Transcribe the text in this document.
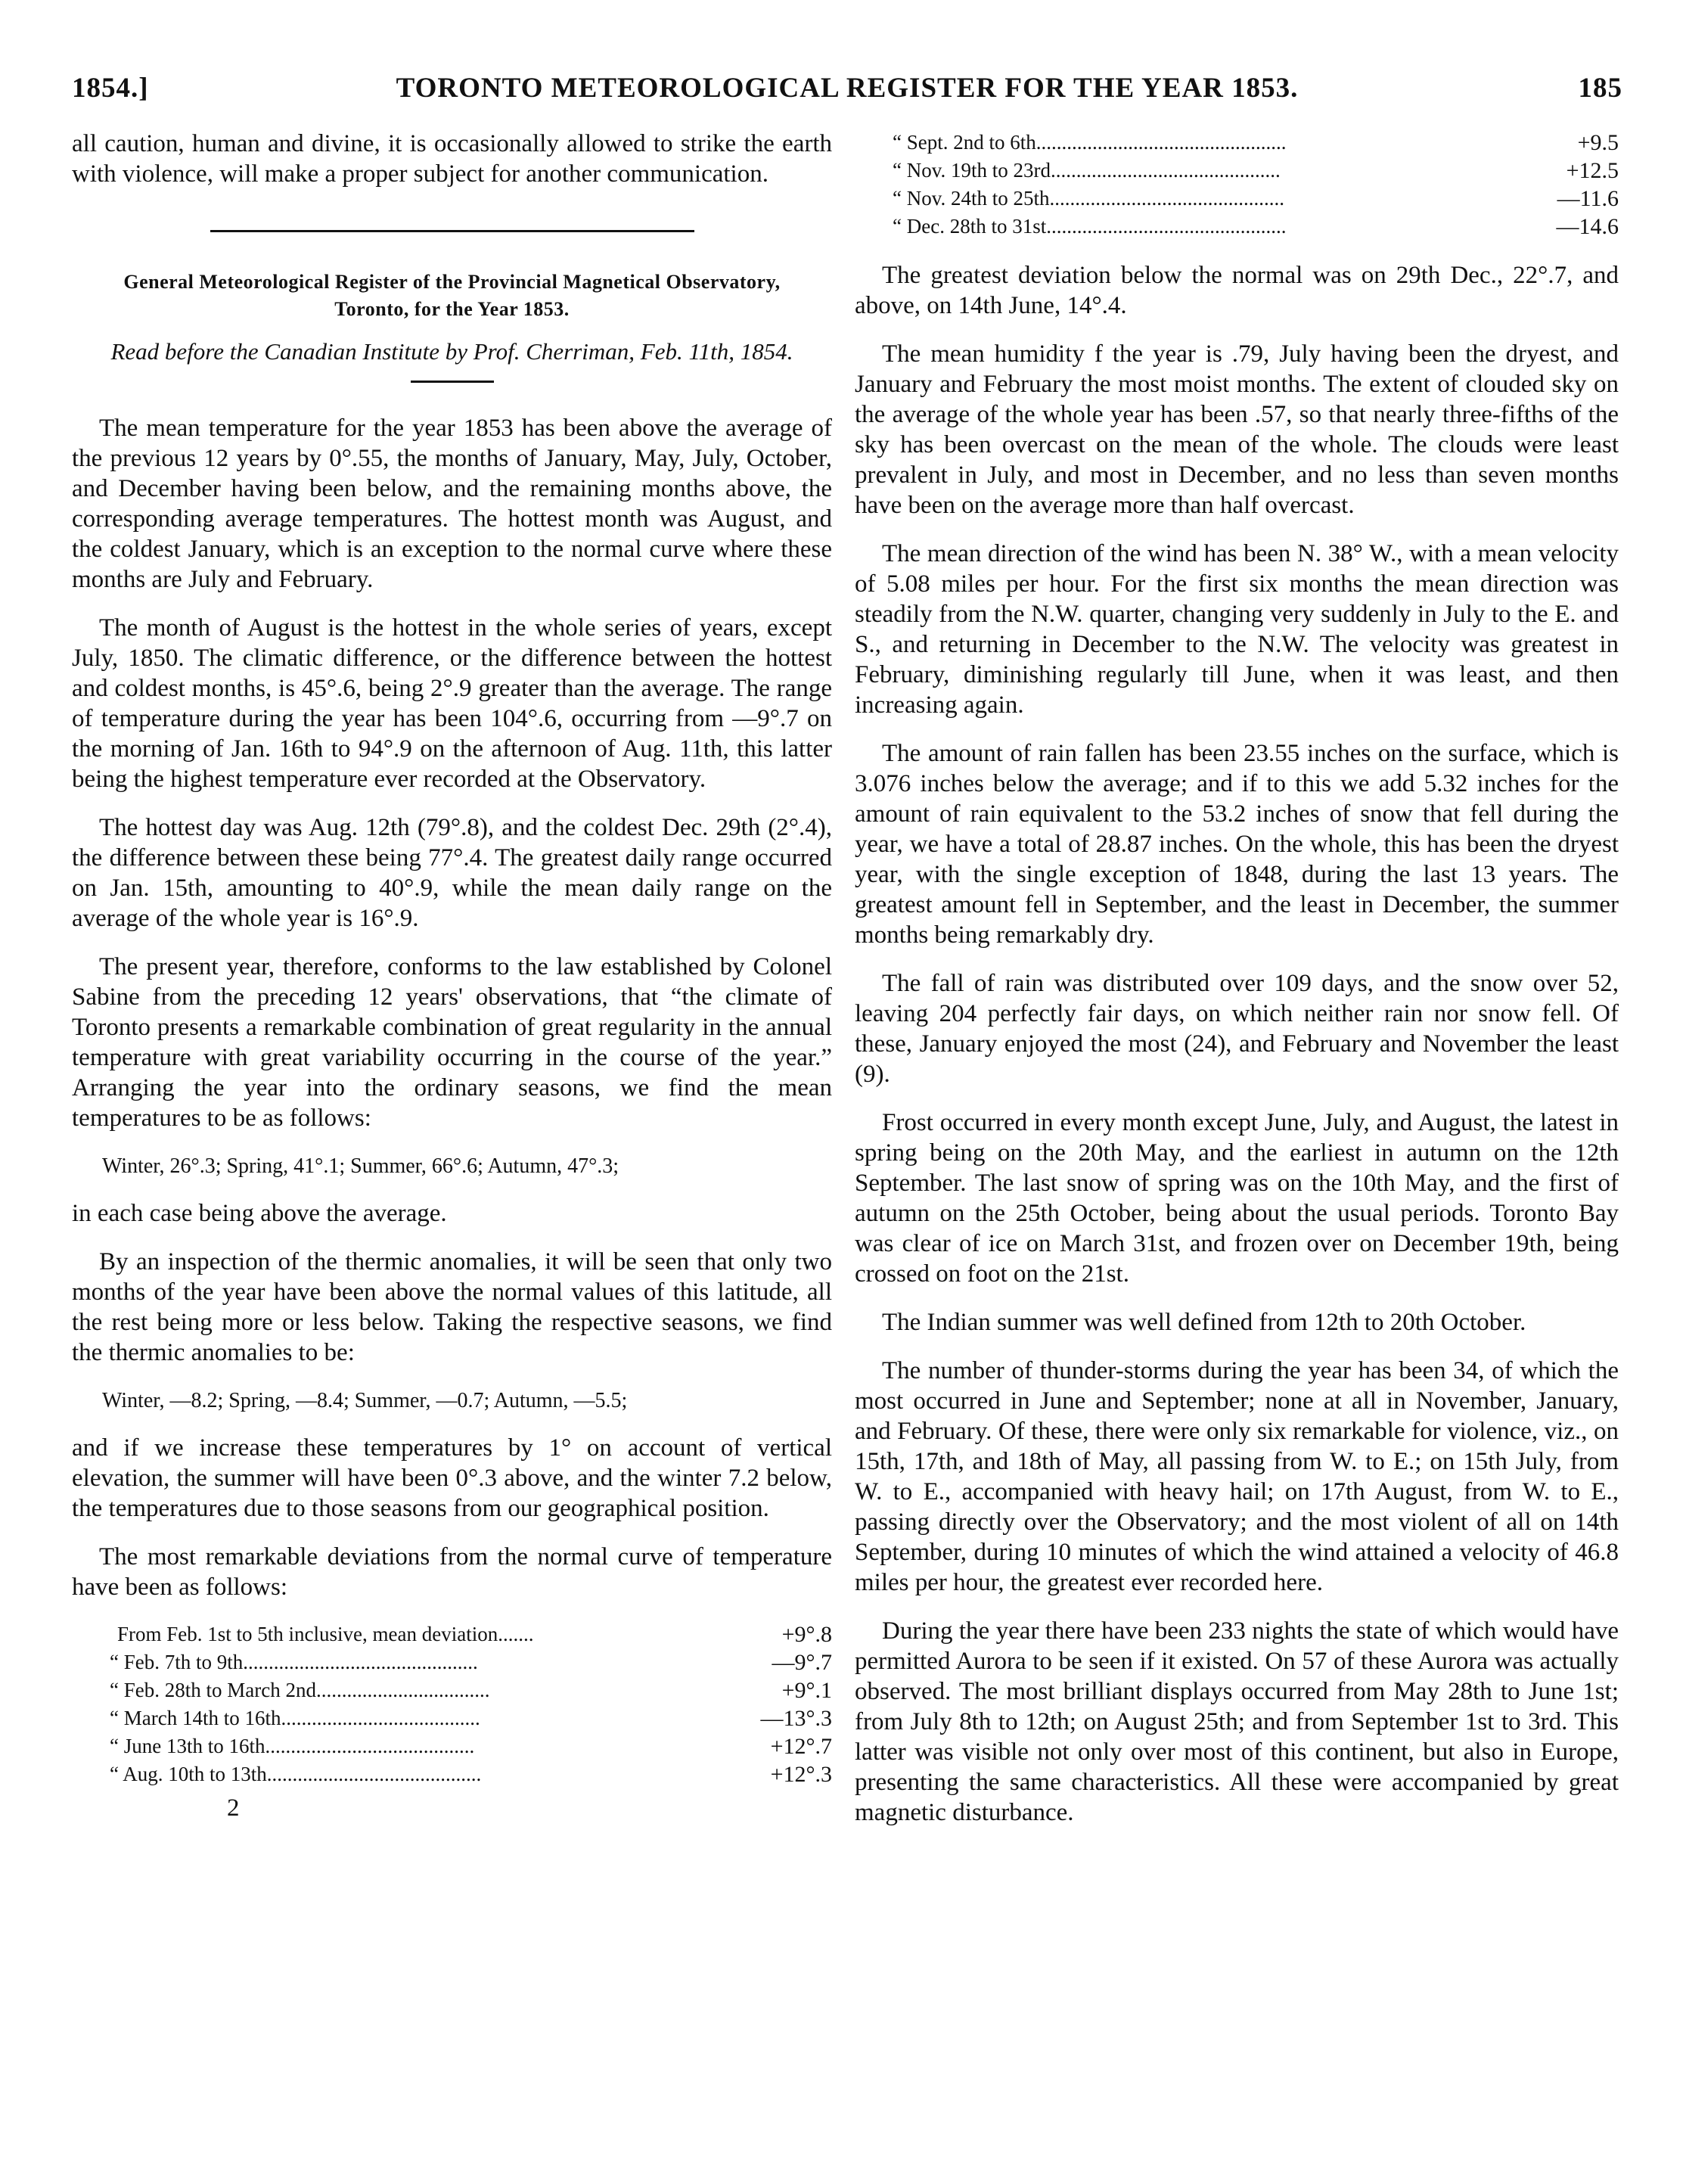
1854.]	TORONTO METEOROLOGICAL REGISTER FOR THE YEAR 1853.	185

all caution, human and divine, it is occasionally allowed to strike the earth with violence, will make a proper subject for another communication.

General Meteorological Register of the Provincial Magnetical Observatory, Toronto, for the Year 1853.

Read before the Canadian Institute by Prof. Cherriman, Feb. 11th, 1854.

The mean temperature for the year 1853 has been above the average of the previous 12 years by 0°.55, the months of January, May, July, October, and December having been below, and the remaining months above, the corresponding average temperatures. The hottest month was August, and the coldest January, which is an exception to the normal curve where these months are July and February.

The month of August is the hottest in the whole series of years, except July, 1850. The climatic difference, or the difference between the hottest and coldest months, is 45°.6, being 2°.9 greater than the average. The range of temperature during the year has been 104°.6, occurring from —9°.7 on the morning of Jan. 16th to 94°.9 on the afternoon of Aug. 11th, this latter being the highest temperature ever recorded at the Observatory.

The hottest day was Aug. 12th (79°.8), and the coldest Dec. 29th (2°.4), the difference between these being 77°.4. The greatest daily range occurred on Jan. 15th, amounting to 40°.9, while the mean daily range on the average of the whole year is 16°.9.

The present year, therefore, conforms to the law established by Colonel Sabine from the preceding 12 years' observations, that “the climate of Toronto presents a remarkable combination of great regularity in the annual temperature with great variability occurring in the course of the year.” Arranging the year into the ordinary seasons, we find the mean temperatures to be as follows:

Winter, 26°.3; Spring, 41°.1; Summer, 66°.6; Autumn, 47°.3;

in each case being above the average.

By an inspection of the thermic anomalies, it will be seen that only two months of the year have been above the normal values of this latitude, all the rest being more or less below. Taking the respective seasons, we find the thermic anomalies to be:

Winter, —8.2; Spring, —8.4; Summer, —0.7; Autumn, —5.5;

and if we increase these temperatures by 1° on account of vertical elevation, the summer will have been 0°.3 above, and the winter 7.2 below, the temperatures due to those seasons from our geographical position.

The most remarkable deviations from the normal curve of temperature have been as follows:

From Feb. 1st to 5th inclusive, mean deviation.......	+9°.8
“ Feb. 7th to 9th..............................................	—9°.7
“ Feb. 28th to March 2nd..................................	+9°.1
“ March 14th to 16th.......................................	—13°.3
“ June 13th to 16th.........................................	+12°.7
“ Aug. 10th to 13th..........................................	+12°.3
2
“ Sept. 2nd to 6th.................................................	+9.5
“ Nov. 19th to 23rd.............................................	+12.5
“ Nov. 24th to 25th..............................................	—11.6
“ Dec. 28th to 31st...............................................	—14.6

The greatest deviation below the normal was on 29th Dec., 22°.7, and above, on 14th June, 14°.4.

The mean humidity f the year is .79, July having been the dryest, and January and February the most moist months. The extent of clouded sky on the average of the whole year has been .57, so that nearly three-fifths of the sky has been overcast on the mean of the whole. The clouds were least prevalent in July, and most in December, and no less than seven months have been on the average more than half overcast.

The mean direction of the wind has been N. 38° W., with a mean velocity of 5.08 miles per hour. For the first six months the mean direction was steadily from the N.W. quarter, changing very suddenly in July to the E. and S., and returning in December to the N.W. The velocity was greatest in February, diminishing regularly till June, when it was least, and then increasing again.

The amount of rain fallen has been 23.55 inches on the surface, which is 3.076 inches below the average; and if to this we add 5.32 inches for the amount of rain equivalent to the 53.2 inches of snow that fell during the year, we have a total of 28.87 inches. On the whole, this has been the dryest year, with the single exception of 1848, during the last 13 years. The greatest amount fell in September, and the least in December, the summer months being remarkably dry.

The fall of rain was distributed over 109 days, and the snow over 52, leaving 204 perfectly fair days, on which neither rain nor snow fell. Of these, January enjoyed the most (24), and February and November the least (9).

Frost occurred in every month except June, July, and August, the latest in spring being on the 20th May, and the earliest in autumn on the 12th September. The last snow of spring was on the 10th May, and the first of autumn on the 25th October, being about the usual periods. Toronto Bay was clear of ice on March 31st, and frozen over on December 19th, being crossed on foot on the 21st.

The Indian summer was well defined from 12th to 20th October.

The number of thunder-storms during the year has been 34, of which the most occurred in June and September; none at all in November, January, and February. Of these, there were only six remarkable for violence, viz., on 15th, 17th, and 18th of May, all passing from W. to E.; on 15th July, from W. to E., accompanied with heavy hail; on 17th August, from W. to E., passing directly over the Observatory; and the most violent of all on 14th September, during 10 minutes of which the wind attained a velocity of 46.8 miles per hour, the greatest ever recorded here.

During the year there have been 233 nights the state of which would have permitted Aurora to be seen if it existed. On 57 of these Aurora was actually observed. The most brilliant displays occurred from May 28th to June 1st; from July 8th to 12th; on August 25th; and from September 1st to 3rd. This latter was visible not only over most of this continent, but also in Europe, presenting the same characteristics. All these were accompanied by great magnetic disturbance.
